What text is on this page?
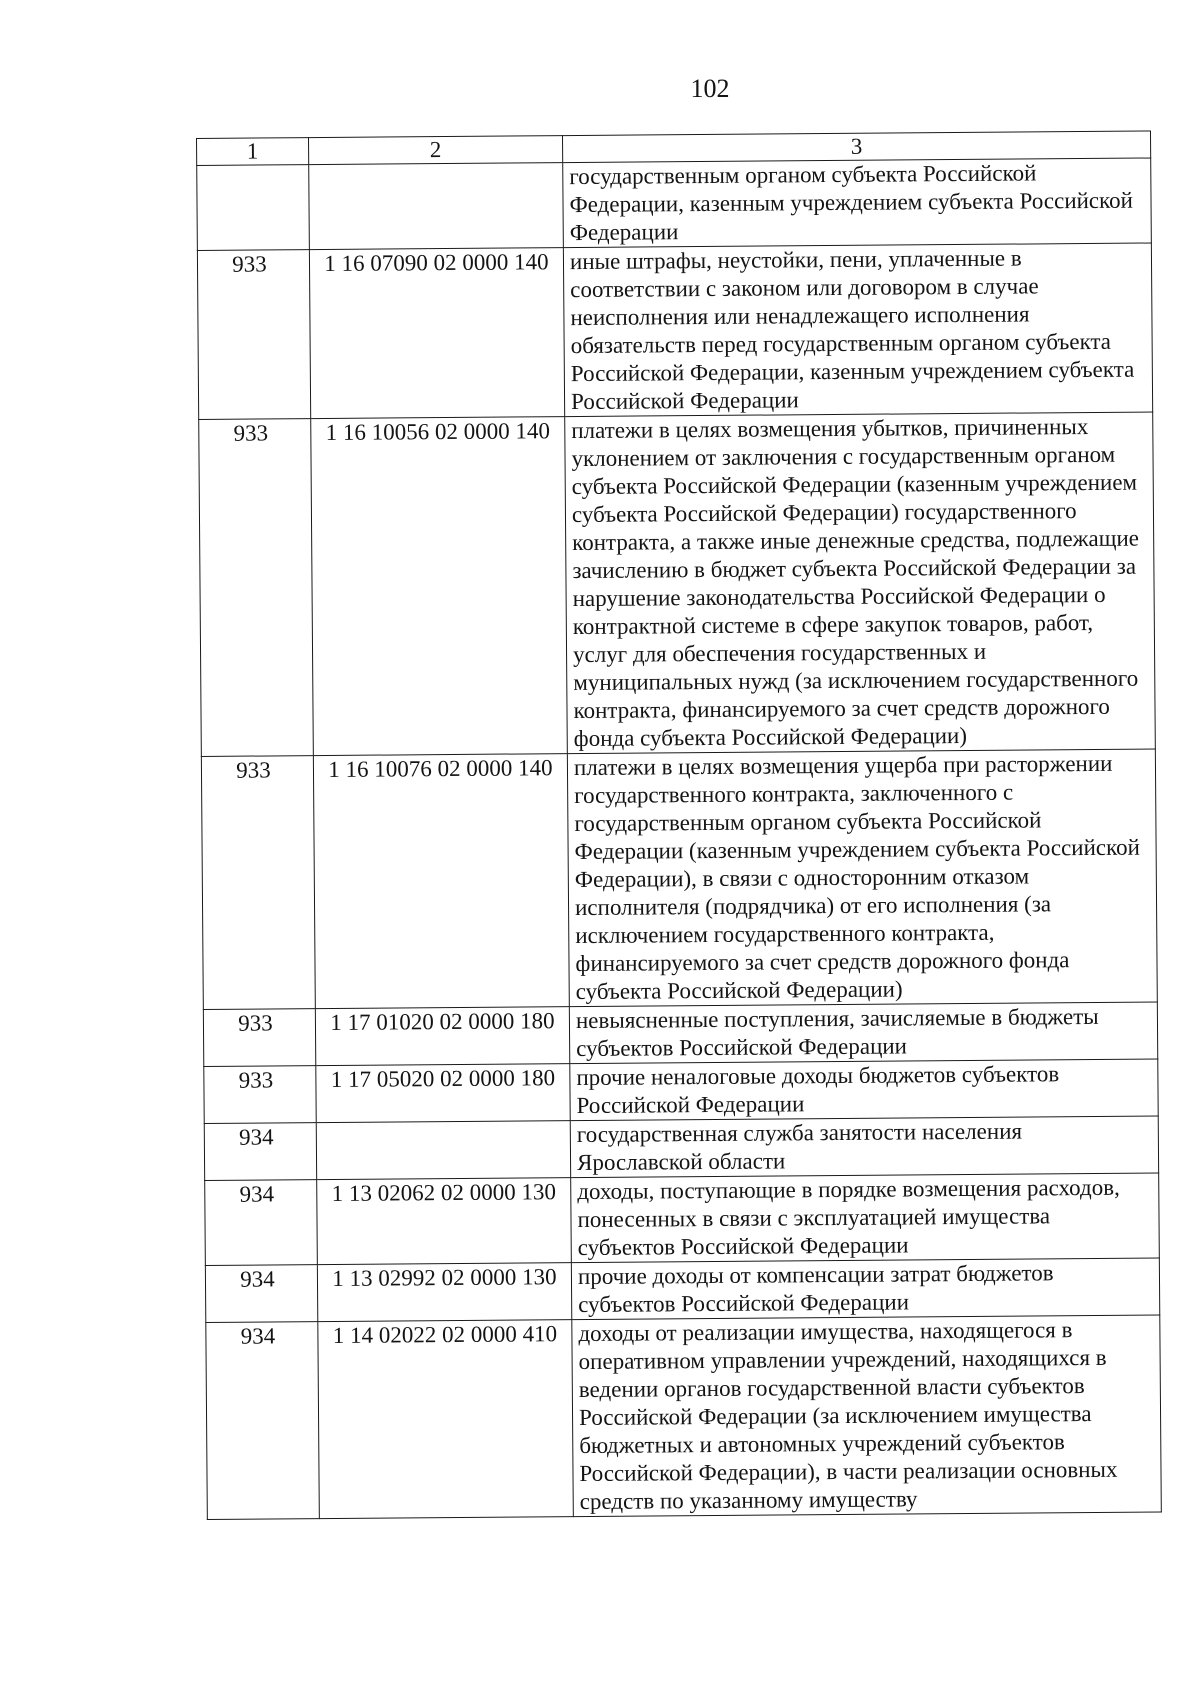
102
1	2	3
		государственным органом субъекта Российской Федерации, казенным учреждением субъекта Российской Федерации
933	1 16 07090 02 0000 140	иные штрафы, неустойки, пени, уплаченные в соответствии с законом или договором в случае неисполнения или ненадлежащего исполнения обязательств перед государственным органом субъекта Российской Федерации, казенным учреждением субъекта Российской Федерации
933	1 16 10056 02 0000 140	платежи в целях возмещения убытков, причиненных уклонением от заключения с государственным органом субъекта Российской Федерации (казенным учреждением субъекта Российской Федерации) государственного контракта, а также иные денежные средства, подлежащие зачислению в бюджет субъекта Российской Федерации за нарушение законодательства Российской Федерации о контрактной системе в сфере закупок товаров, работ, услуг для обеспечения государственных и муниципальных нужд (за исключением государственного контракта, финансируемого за счет средств дорожного фонда субъекта Российской Федерации)
933	1 16 10076 02 0000 140	платежи в целях возмещения ущерба при расторжении государственного контракта, заключенного с государственным органом субъекта Российской Федерации (казенным учреждением субъекта Российской Федерации), в связи с односторонним отказом исполнителя (подрядчика) от его исполнения (за исключением государственного контракта, финансируемого за счет средств дорожного фонда субъекта Российской Федерации)
933	1 17 01020 02 0000 180	невыясненные поступления, зачисляемые в бюджеты субъектов Российской Федерации
933	1 17 05020 02 0000 180	прочие неналоговые доходы бюджетов субъектов Российской Федерации
934		государственная служба занятости населения Ярославской области
934	1 13 02062 02 0000 130	доходы, поступающие в порядке возмещения расходов, понесенных в связи с эксплуатацией имущества субъектов Российской Федерации
934	1 13 02992 02 0000 130	прочие доходы от компенсации затрат бюджетов субъектов Российской Федерации
934	1 14 02022 02 0000 410	доходы от реализации имущества, находящегося в оперативном управлении учреждений, находящихся в ведении органов государственной власти субъектов Российской Федерации (за исключением имущества бюджетных и автономных учреждений субъектов Российской Федерации), в части реализации основных средств по указанному имуществу
